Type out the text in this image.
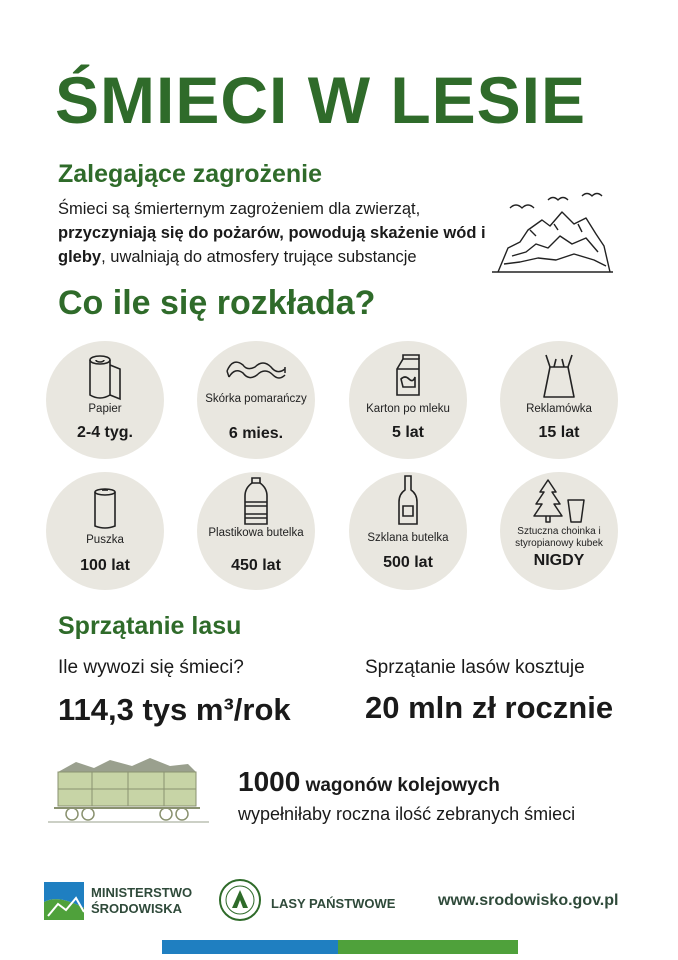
ŚMIECI W LESIE
Zalegające zagrożenie
Śmieci są śmierternym zagrożeniem dla zwierząt, przyczyniają się do pożarów, powodują skażenie wód i gleby, uwalniają do atmosfery trujące substancje
Co ile się rozkłada?
Papier
2-4 tyg.
Skórka pomarańczy
6 mies.
Karton po mleku
5 lat
Reklamówka
15 lat
Puszka
100 lat
Plastikowa butelka
450 lat
Szklana butelka
500 lat
Sztuczna choinka i styropianowy kubek
NIGDY
Sprzątanie lasu
Ile wywozi się śmieci?
114,3 tys m³/rok
Sprzątanie lasów kosztuje
20 mln zł rocznie
1000 wagonów kolejowych
wypełniłaby roczna ilość zebranych śmieci
MINISTERSTWO
ŚRODOWISKA	LASY PAŃSTWOWE	www.srodowisko.gov.pl
